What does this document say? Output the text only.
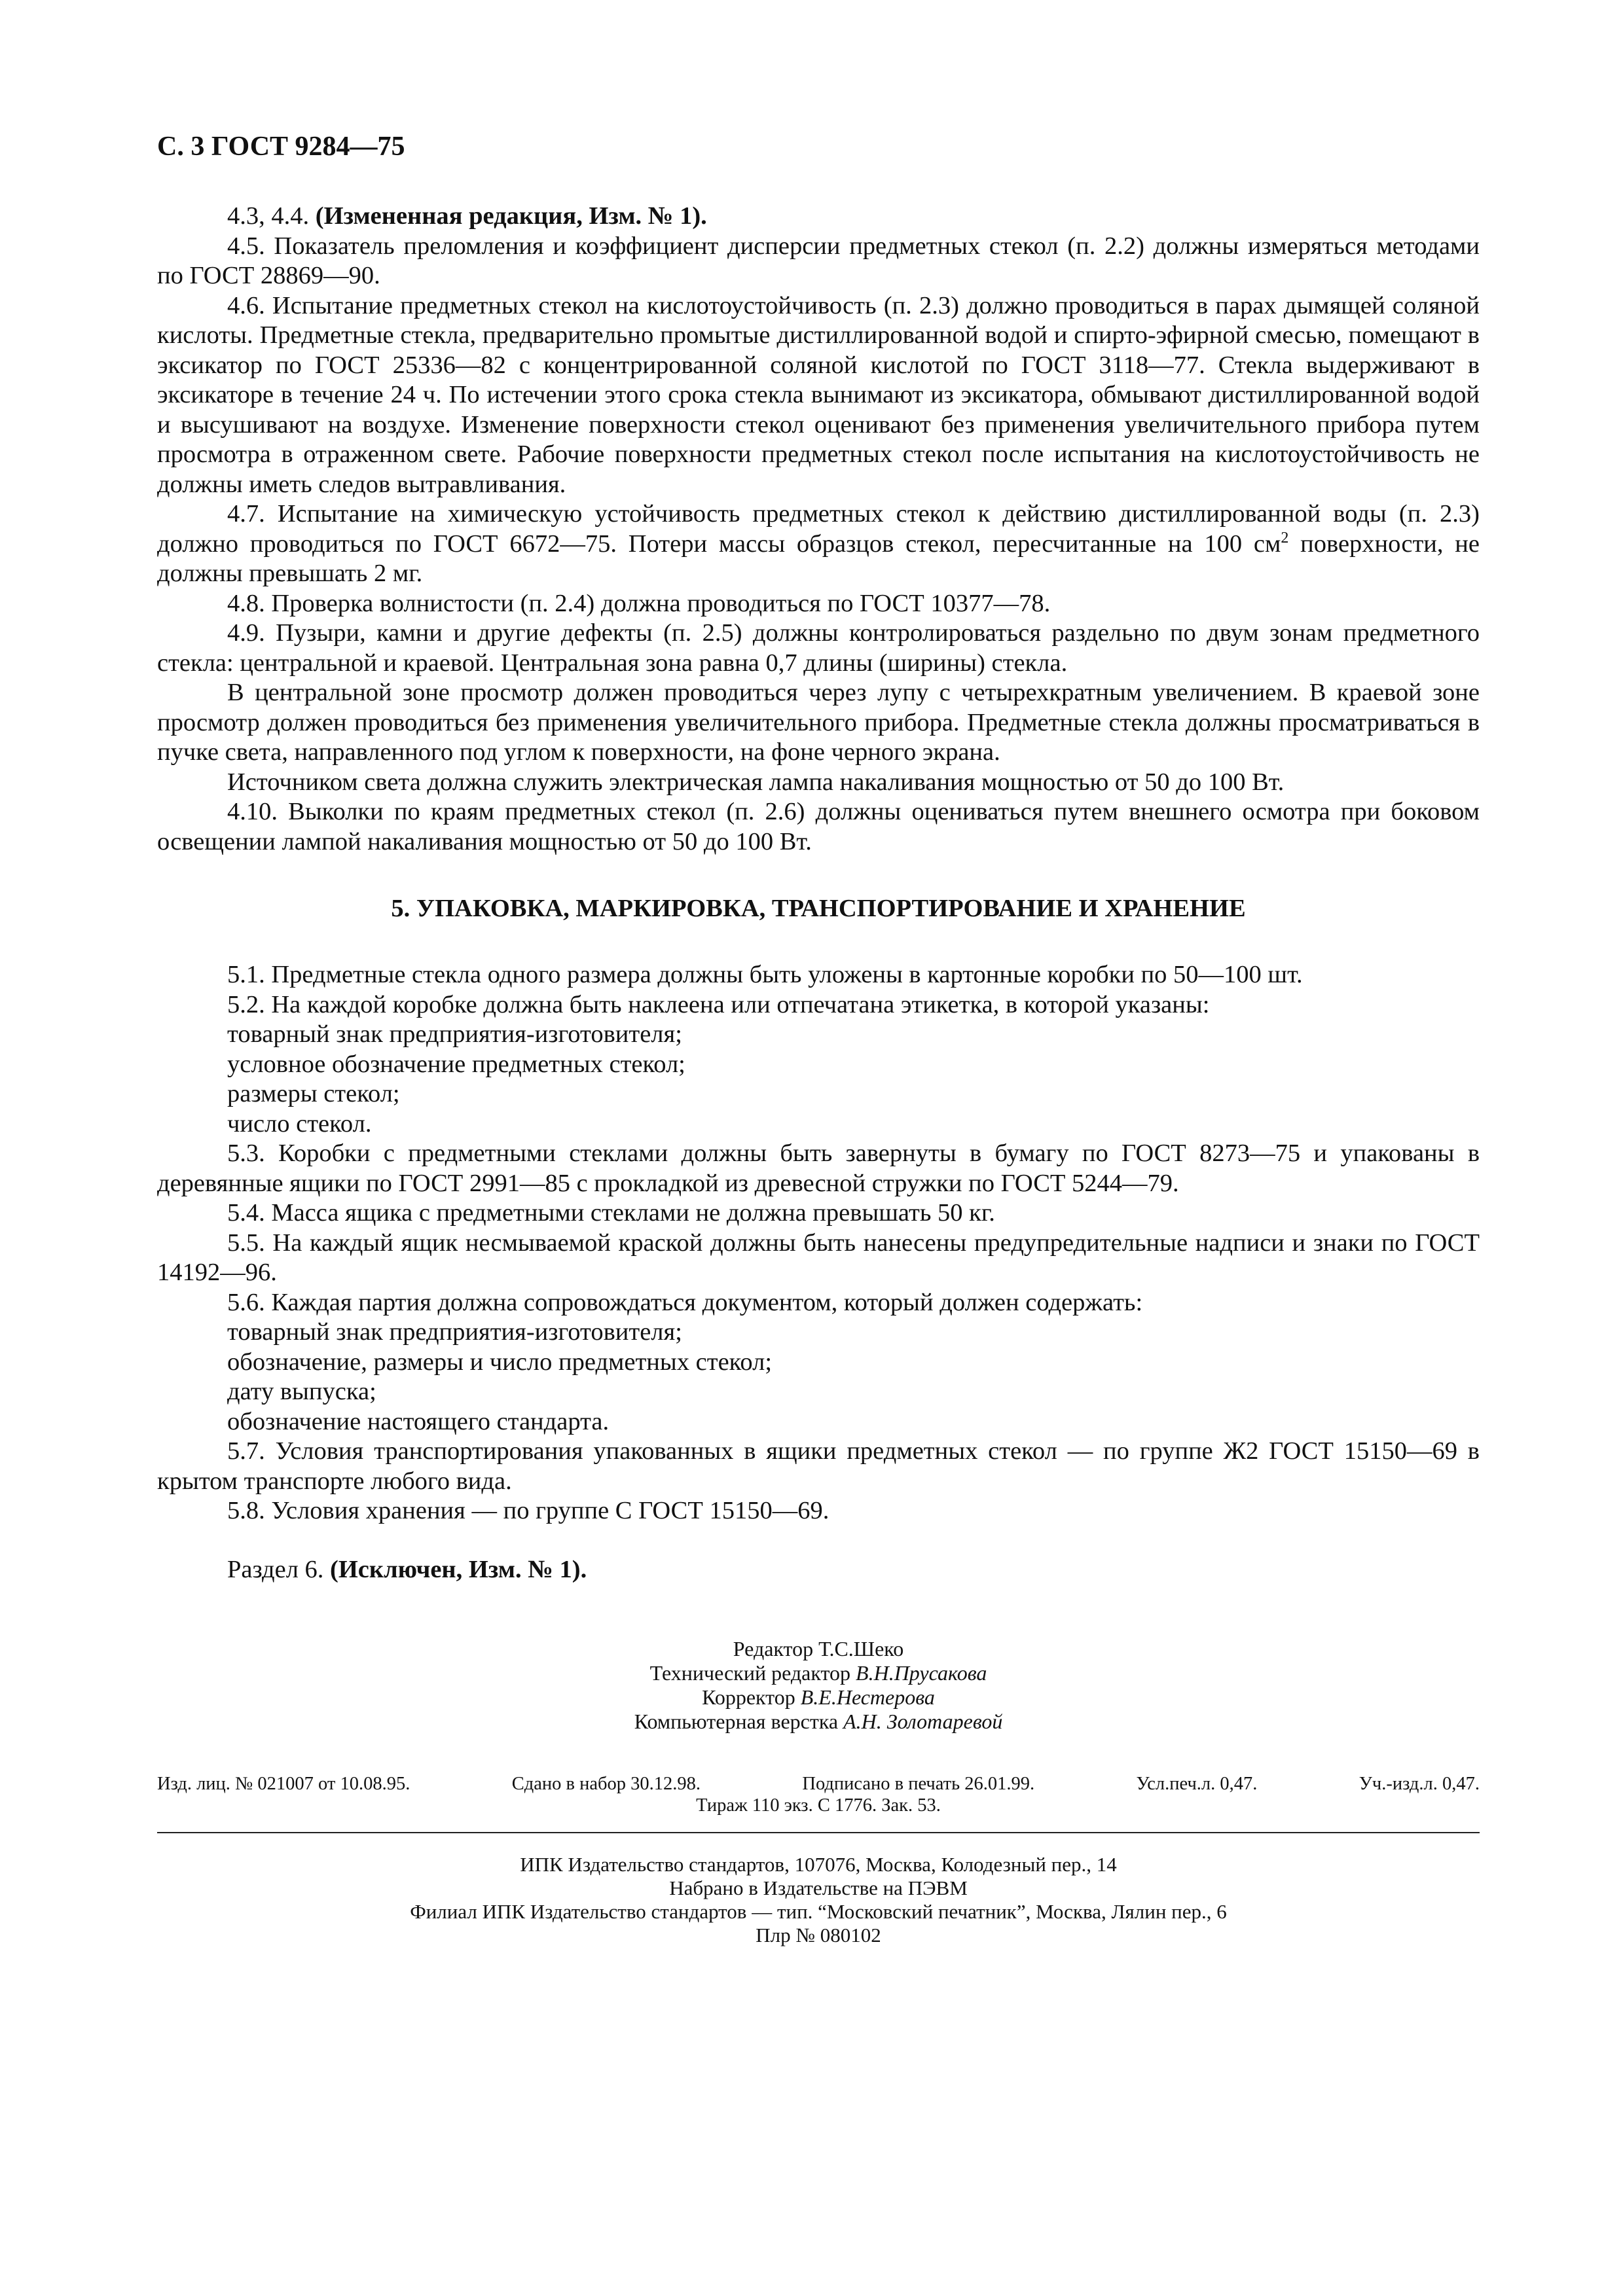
С. 3 ГОСТ 9284—75

4.3, 4.4. (Измененная редакция, Изм. № 1).

4.5. Показатель преломления и коэффициент дисперсии предметных стекол (п. 2.2) должны измеряться методами по ГОСТ 28869—90.

4.6. Испытание предметных стекол на кислотоустойчивость (п. 2.3) должно проводиться в парах дымящей соляной кислоты. Предметные стекла, предварительно промытые дистиллированной водой и спирто-эфирной смесью, помещают в эксикатор по ГОСТ 25336—82 с концентрированной соляной кислотой по ГОСТ 3118—77. Стекла выдерживают в эксикаторе в течение 24 ч. По истечении этого срока стекла вынимают из эксикатора, обмывают дистиллированной водой и высушивают на воздухе. Изменение поверхности стекол оценивают без применения увеличительного прибора путем просмотра в отраженном свете. Рабочие поверхности предметных стекол после испытания на кислотоустойчивость не должны иметь следов вытравливания.

4.7. Испытание на химическую устойчивость предметных стекол к действию дистиллированной воды (п. 2.3) должно проводиться по ГОСТ 6672—75. Потери массы образцов стекол, пересчитанные на 100 $см^2$ поверхности, не должны превышать 2 мг.

4.8. Проверка волнистости (п. 2.4) должна проводиться по ГОСТ 10377—78.

4.9. Пузыри, камни и другие дефекты (п. 2.5) должны контролироваться раздельно по двум зонам предметного стекла: центральной и краевой. Центральная зона равна 0,7 длины (ширины) стекла.

В центральной зоне просмотр должен проводиться через лупу с четырехкратным увеличением. В краевой зоне просмотр должен проводиться без применения увеличительного прибора. Предметные стекла должны просматриваться в пучке света, направленного под углом к поверхности, на фоне черного экрана.

Источником света должна служить электрическая лампа накаливания мощностью от 50 до 100 Вт.

4.10. Выколки по краям предметных стекол (п. 2.6) должны оцениваться путем внешнего осмотра при боковом освещении лампой накаливания мощностью от 50 до 100 Вт.

5. УПАКОВКА, МАРКИРОВКА, ТРАНСПОРТИРОВАНИЕ И ХРАНЕНИЕ

5.1. Предметные стекла одного размера должны быть уложены в картонные коробки по 50—100 шт.

5.2. На каждой коробке должна быть наклеена или отпечатана этикетка, в которой указаны:

товарный знак предприятия-изготовителя;

условное обозначение предметных стекол;

размеры стекол;

число стекол.

5.3. Коробки с предметными стеклами должны быть завернуты в бумагу по ГОСТ 8273—75 и упакованы в деревянные ящики по ГОСТ 2991—85 с прокладкой из древесной стружки по ГОСТ 5244—79.

5.4. Масса ящика с предметными стеклами не должна превышать 50 кг.

5.5. На каждый ящик несмываемой краской должны быть нанесены предупредительные надписи и знаки по ГОСТ 14192—96.

5.6. Каждая партия должна сопровождаться документом, который должен содержать:

товарный знак предприятия-изготовителя;

обозначение, размеры и число предметных стекол;

дату выпуска;

обозначение настоящего стандарта.

5.7. Условия транспортирования упакованных в ящики предметных стекол — по группе Ж2 ГОСТ 15150—69 в крытом транспорте любого вида.

5.8. Условия хранения — по группе С ГОСТ 15150—69.

Раздел 6. (Исключен, Изм. № 1).

Редактор Т.С.Шеко
Технический редактор В.Н.Прусакова
Корректор В.Е.Нестерова
Компьютерная верстка А.Н. Золотаревой
Изд. лиц. № 021007 от 10.08.95.	Сдано в набор 30.12.98.	Подписано в печать 26.01.99.	Усл.печ.л. 0,47.	Уч.-изд.л. 0,47.
Тираж 110 экз. С 1776. Зак. 53.
ИПК Издательство стандартов, 107076, Москва, Колодезный пер., 14
Набрано в Издательстве на ПЭВМ
Филиал ИПК Издательство стандартов — тип. “Московский печатник”, Москва, Лялин пер., 6
Плр № 080102
